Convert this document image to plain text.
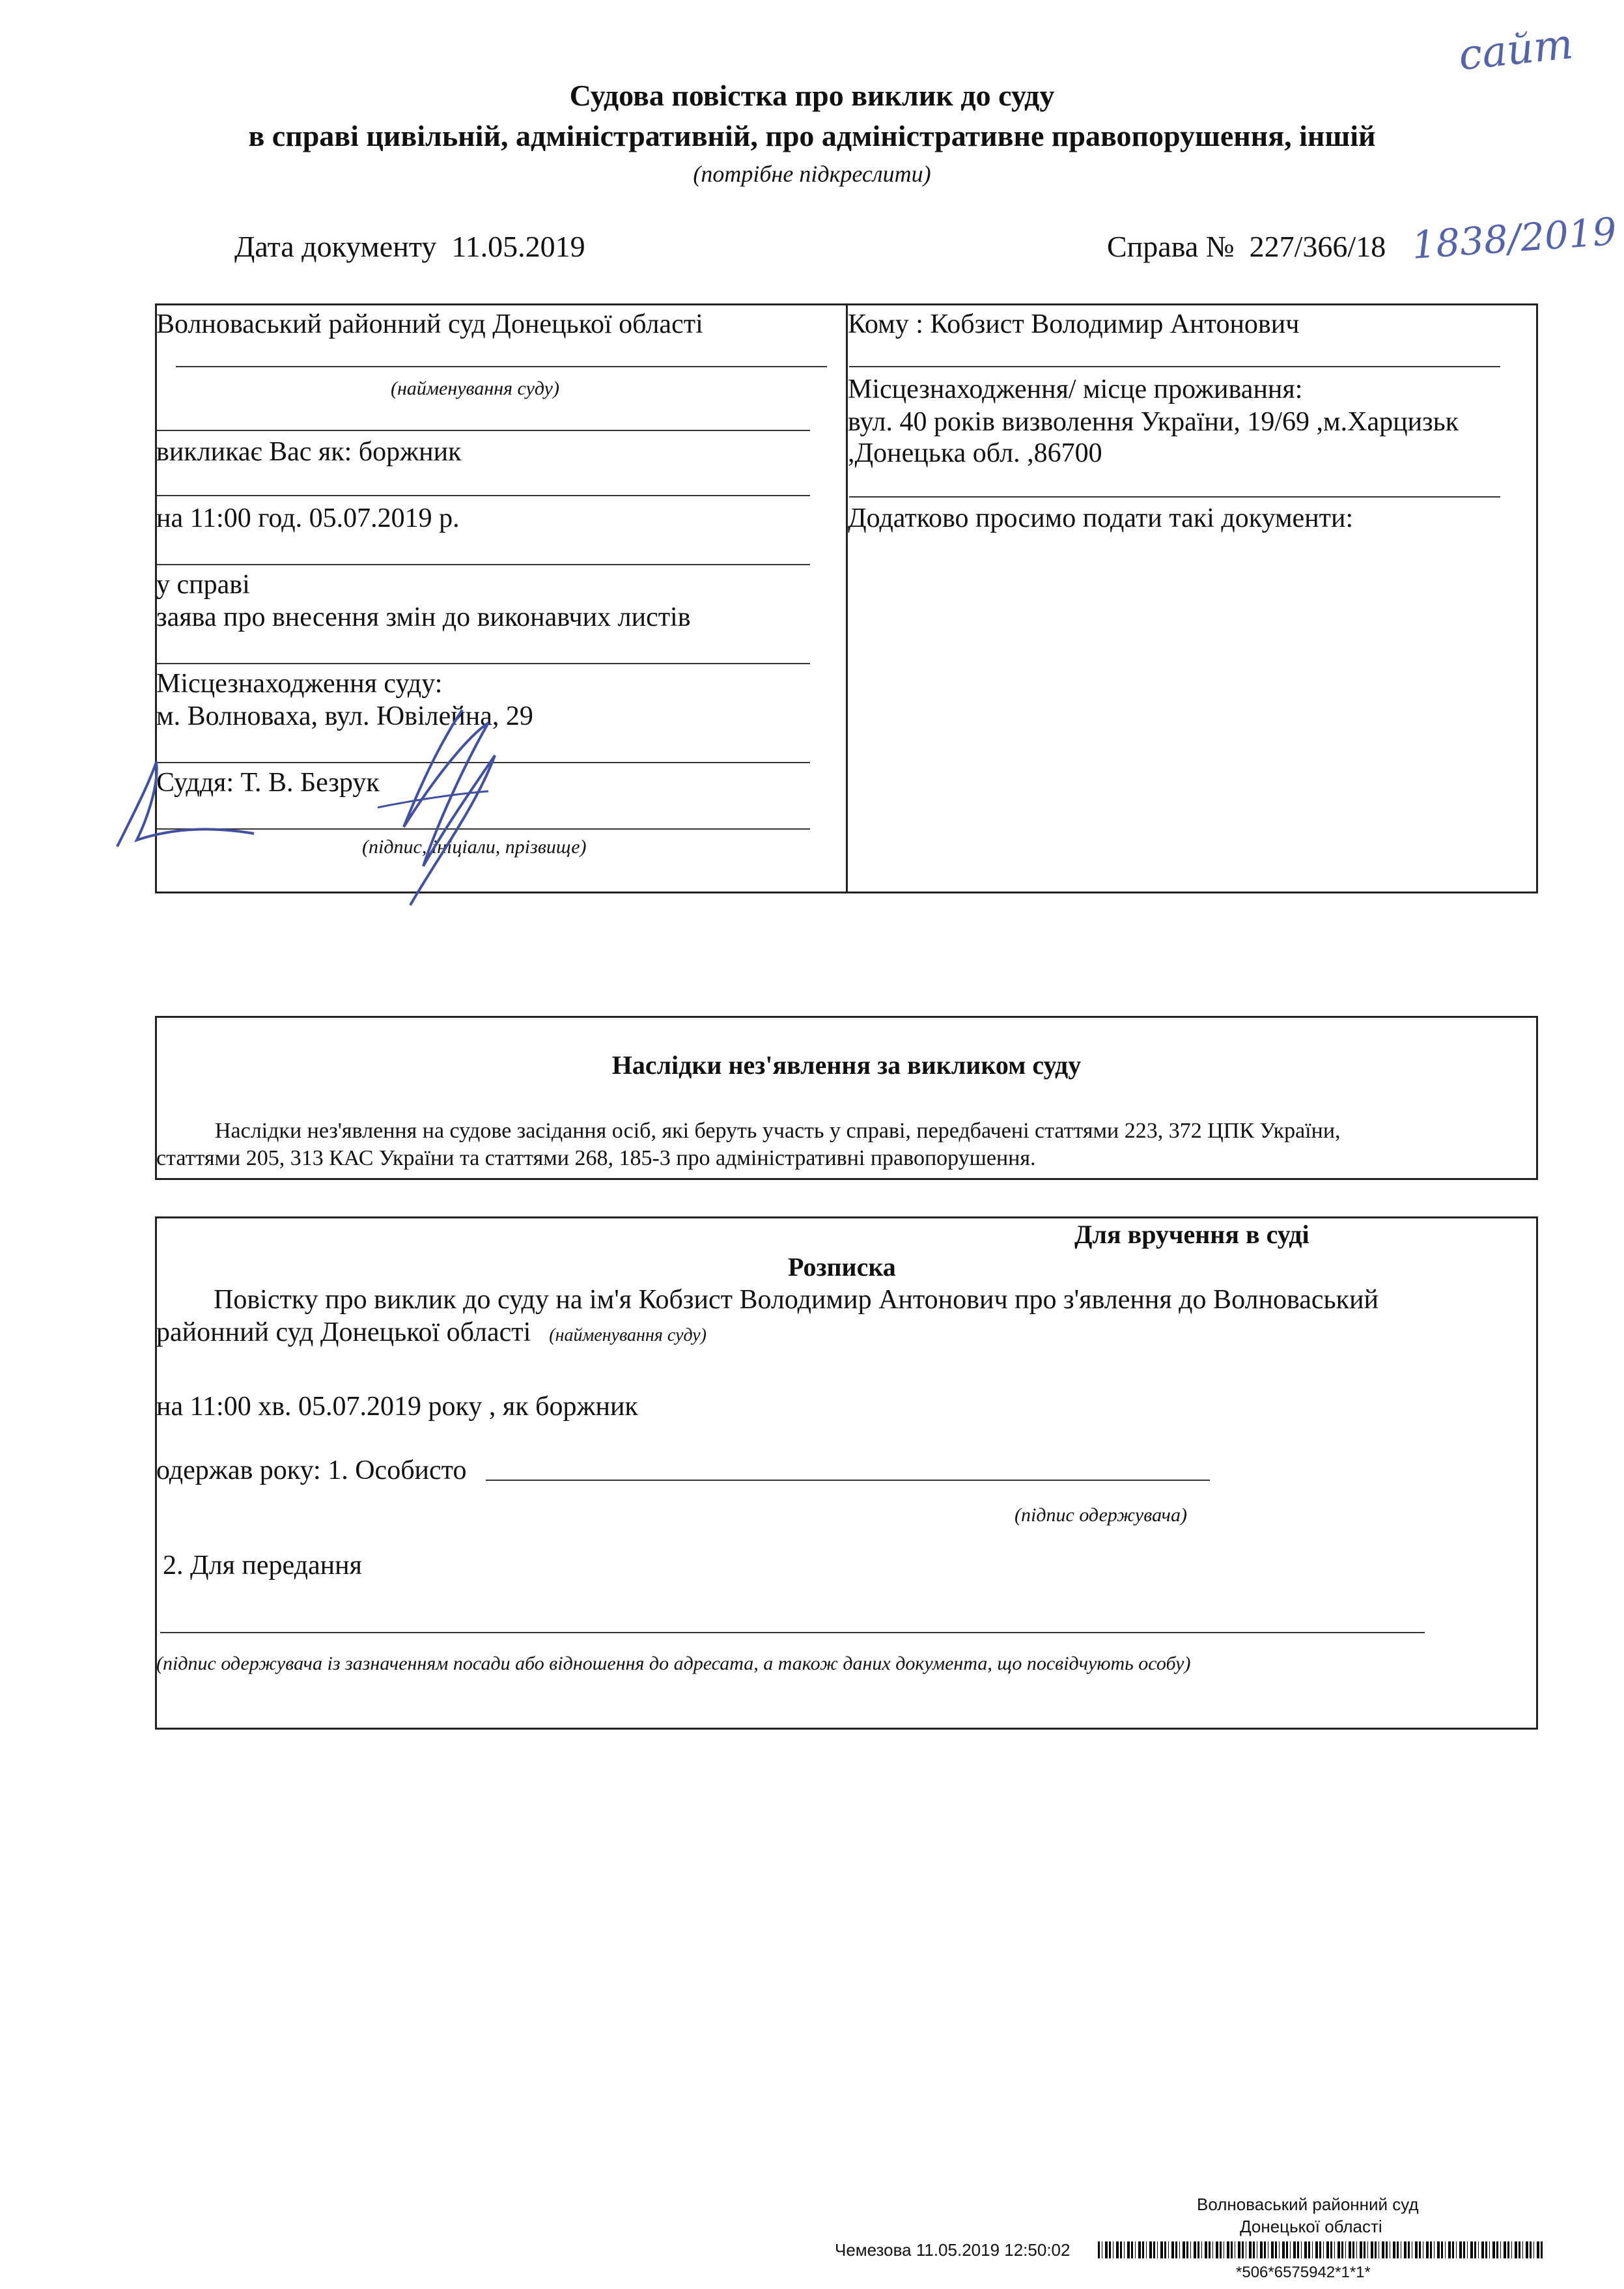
сайт
Судова повістка про виклик до суду
в справі цивільній, адміністративній, про адміністративне правопорушення, іншій
(потрібне підкреслити)
Дата документу 11.05.2019	Справа № 227/366/18 1838/2019
Волноваський районний суд Донецької області
(найменування суду)
викликає Вас як: боржник
на 11:00 год. 05.07.2019 р.
у справі
заява про внесення змін до виконавчих листів
Місцезнаходження суду:
м. Волноваха, вул. Ювілейна, 29
Суддя: Т. В. Безрук
(підпис, ініціали, прізвище)
Кому : Кобзист Володимир Антонович
Місцезнаходження/ місце проживання:
вул. 40 років визволення України, 19/69 ,м.Харцизьк
,Донецька обл. ,86700
Додатково просимо подати такі документи:
Наслідки нез'явлення за викликом суду
Наслідки нез'явлення на судове засідання осіб, які беруть участь у справі, передбачені статтями 223, 372 ЦПК України,
статтями 205, 313 КАС України та статтями 268, 185-3 про адміністративні правопорушення.
Для вручення в суді
Розписка
Повістку про виклик до суду на ім'я Кобзист Володимир Антонович про з'явлення до Волноваський
районний суд Донецької області (найменування суду)
на 11:00 хв. 05.07.2019 року , як боржник
одержав року: 1. Особисто
(підпис одержувача)
2. Для передання
(підпис одержувача із зазначенням посади або відношення до адресата, а також даних документа, що посвідчують особу)
Волноваський районний суд
Донецької області
Чемезова 11.05.2019 12:50:02
*506*6575942*1*1*
